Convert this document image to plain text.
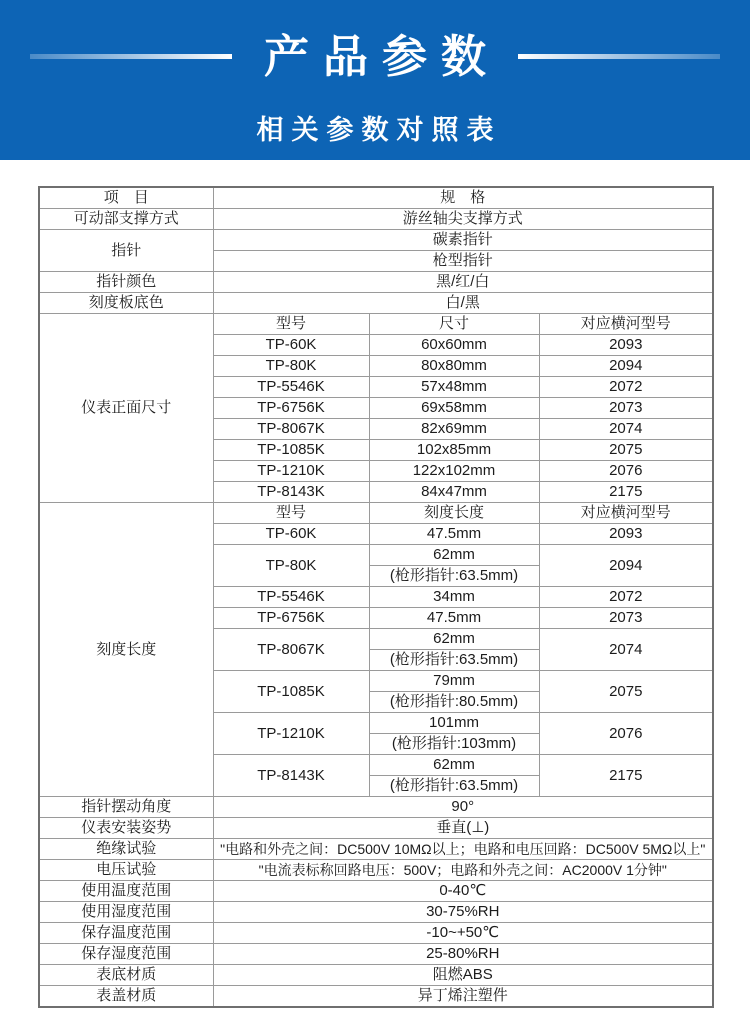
产品参数
相关参数对照表
项　目	规　格		
可动部支撑方式	游丝轴尖支撑方式		
指针	碳素指针		
	枪型指针		
指针颜色	黑/红/白		
刻度板底色	白/黑		
仪表正面尺寸	型号	尺寸	对应横河型号
	TP-60K	60x60mm	2093
	TP-80K	80x80mm	2094
	TP-5546K	57x48mm	2072
	TP-6756K	69x58mm	2073
	TP-8067K	82x69mm	2074
	TP-1085K	102x85mm	2075
	TP-1210K	122x102mm	2076
	TP-8143K	84x47mm	2175
刻度长度	型号	刻度长度	对应横河型号
	TP-60K	47.5mm	2093
	TP-80K	62mm	2094
		(枪形指针:63.5mm)	
	TP-5546K	34mm	2072
	TP-6756K	47.5mm	2073
	TP-8067K	62mm	2074
		(枪形指针:63.5mm)	
	TP-1085K	79mm	2075
		(枪形指针:80.5mm)	
	TP-1210K	101mm	2076
		(枪形指针:103mm)	
	TP-8143K	62mm	2175
		(枪形指针:63.5mm)	
指针摆动角度	90°		
仪表安装姿势	垂直(⊥)		
绝缘试验	"电路和外壳之间：DC500V 10MΩ以上；电路和电压回路：DC500V 5MΩ以上"		
电压试验	"电流表标称回路电压：500V；电路和外壳之间：AC2000V 1分钟"		
使用温度范围	0-40℃		
使用湿度范围	30-75%RH		
保存温度范围	-10~+50℃		
保存湿度范围	25-80%RH		
表底材质	阻燃ABS		
表盖材质	异丁烯注塑件		
